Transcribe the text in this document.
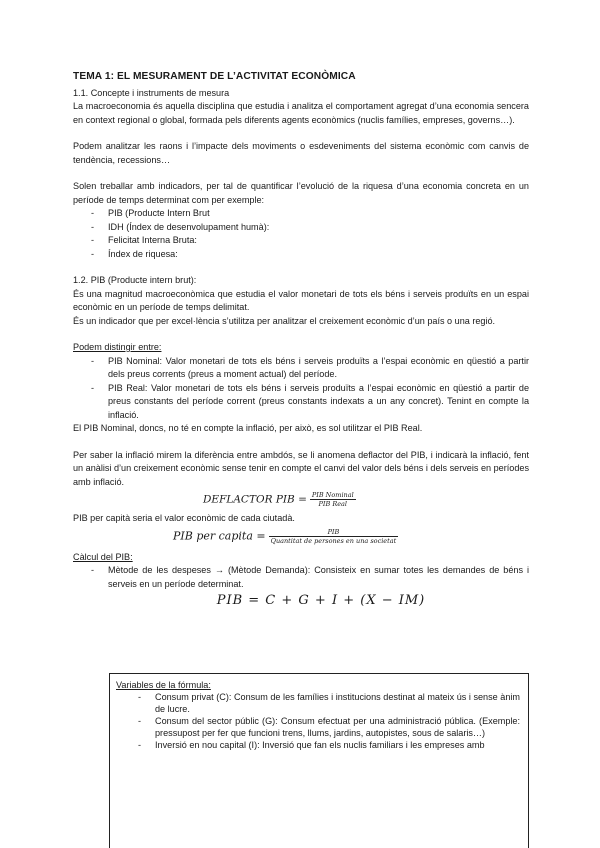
TEMA 1: EL MESURAMENT DE L’ACTIVITAT ECONÒMICA

1.1. Concepte i instruments de mesura

La macroeconomia és aquella disciplina que estudia i analitza el comportament agregat d’una economia sencera en context regional o global, formada pels diferents agents econòmics (nuclis famílies, empreses, governs…).

Podem analitzar les raons i l’impacte dels moviments o esdeveniments del sistema econòmic com canvis de tendència, recessions…

Solen treballar amb indicadors, per tal de quantificar l’evolució de la riquesa d’una economia concreta en un període de temps determinat com per exemple:

- PIB (Producte Intern Brut
- IDH (Índex de desenvolupament humà):
- Felicitat Interna Bruta:
- Índex de riquesa:

1.2. PIB (Producte intern brut):

És una magnitud macroeconòmica que estudia el valor monetari de tots els béns i serveis produïts en un espai econòmic en un període de temps delimitat.

És un indicador que per excel·lència s’utilitza per analitzar el creixement econòmic d’un país o una regió.

Podem distingir entre:

- PIB Nominal: Valor monetari de tots els béns i serveis produïts a l’espai econòmic en qüestió a partir dels preus corrents (preus a moment actual) del període.
- PIB Real: Valor monetari de tots els béns i serveis produïts a l’espai econòmic en qüestió a partir de preus constants del període corrent (preus constants indexats a un any concret). Tenint en compte la inflació.

El PIB Nominal, doncs, no té en compte la inflació, per això, es sol utilitzar el PIB Real.

Per saber la inflació mirem la diferència entre ambdós, se li anomena deflactor del PIB, i indicarà la inflació, fent un anàlisi d’un creixement econòmic sense tenir en compte el canvi del valor dels béns i dels serveis en períodes amb inflació.

DEFLACTOR PIB = $\frac{\text{PIB Nominal}}{\text{PIB Real}}$

PIB per capità seria el valor econòmic de cada ciutadà.

PIB per capita = $\frac{\text{PIB}}{\text{Quantitat de persones en una societat}}$

Càlcul del PIB:

- Mètode de les despeses → (Mètode Demanda): Consisteix en sumar totes les demandes de béns i serveis en un període determinat.
PIB = C + G + I + (X − IM)

Variables de la fórmula:

- Consum privat (C): Consum de les famílies i institucions destinat al mateix ús i sense ànim de lucre.
- Consum del sector públic (G): Consum efectuat per una administració pública. (Exemple: pressupost per fer que funcioni trens, llums, jardins, autopistes, sous de salaris…)
- Inversió en nou capital (I): Inversió que fan els nuclis familiars i les empreses amb
